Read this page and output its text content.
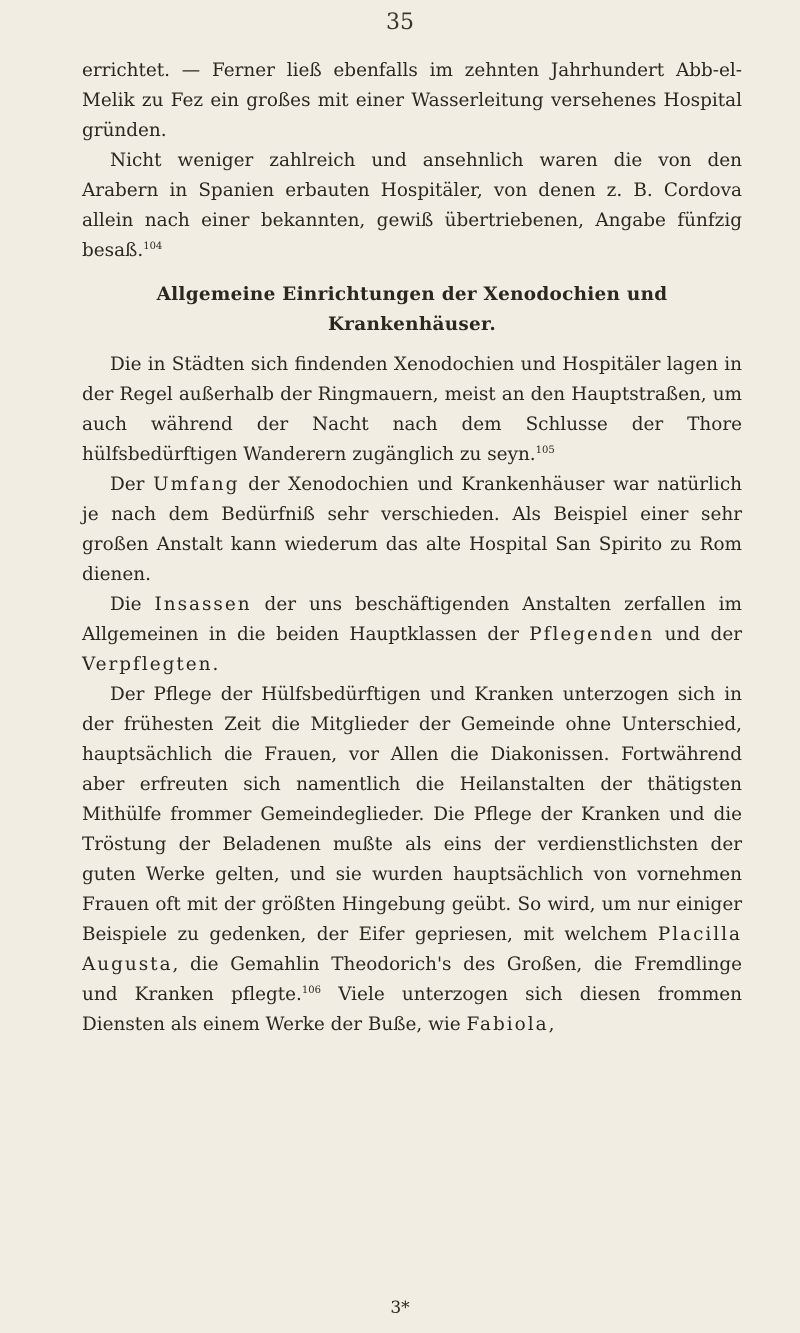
35

errichtet. — Ferner ließ ebenfalls im zehnten Jahrhundert Abb-el-Melik zu Fez ein großes mit einer Wasserleitung versehenes Hospital gründen.

Nicht weniger zahlreich und ansehnlich waren die von den Arabern in Spanien erbauten Hospitäler, von denen z. B. Cordova allein nach einer bekannten, gewiß übertriebenen, Angabe fünfzig besaß.$^{104}$

Allgemeine Einrichtungen der Xenodochien und
Krankenhäuser.

Die in Städten sich findenden Xenodochien und Hospitäler lagen in der Regel außerhalb der Ringmauern, meist an den Hauptstraßen, um auch während der Nacht nach dem Schlusse der Thore hülfsbedürftigen Wanderern zugänglich zu seyn.$^{105}$

Der Umfang der Xenodochien und Krankenhäuser war natürlich je nach dem Bedürfniß sehr verschieden. Als Beispiel einer sehr großen Anstalt kann wiederum das alte Hospital San Spirito zu Rom dienen.

Die Insassen der uns beschäftigenden Anstalten zerfallen im Allgemeinen in die beiden Hauptklassen der Pflegenden und der Verpflegten.

Der Pflege der Hülfsbedürftigen und Kranken unterzogen sich in der frühesten Zeit die Mitglieder der Gemeinde ohne Unterschied, hauptsächlich die Frauen, vor Allen die Diakonissen. Fortwährend aber erfreuten sich namentlich die Heilanstalten der thätigsten Mithülfe frommer Gemeindeglieder. Die Pflege der Kranken und die Tröstung der Beladenen mußte als eins der verdienstlichsten der guten Werke gelten, und sie wurden hauptsächlich von vornehmen Frauen oft mit der größten Hingebung geübt. So wird, um nur einiger Beispiele zu gedenken, der Eifer gepriesen, mit welchem Placilla Augusta, die Gemahlin Theodorich's des Großen, die Fremdlinge und Kranken pflegte.$^{106}$ Viele unterzogen sich diesen frommen Diensten als einem Werke der Buße, wie Fabiola,

3*
